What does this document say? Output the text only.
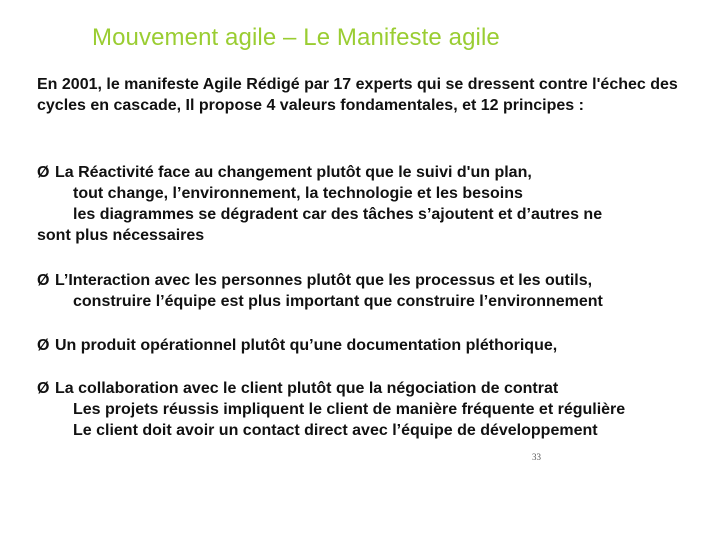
Mouvement agile – Le Manifeste agile
En 2001, le manifeste Agile Rédigé par 17 experts qui se dressent contre l'échec des cycles en cascade, Il propose 4 valeurs fondamentales, et 12 principes :
Ø La Réactivité face au changement plutôt que le suivi d'un plan,
tout change, l’environnement, la technologie et les besoins
les diagrammes se dégradent car des tâches s’ajoutent et d’autres ne
sont plus nécessaires
Ø L’Interaction avec les personnes plutôt que les processus et les outils,
construire l’équipe est plus important que construire l’environnement
Ø Un produit opérationnel plutôt qu’une documentation pléthorique,
Ø La collaboration avec le client plutôt que la négociation de contrat
Les projets réussis impliquent le client de manière fréquente et régulière
Le client doit avoir un contact direct avec l’équipe de développement
33
